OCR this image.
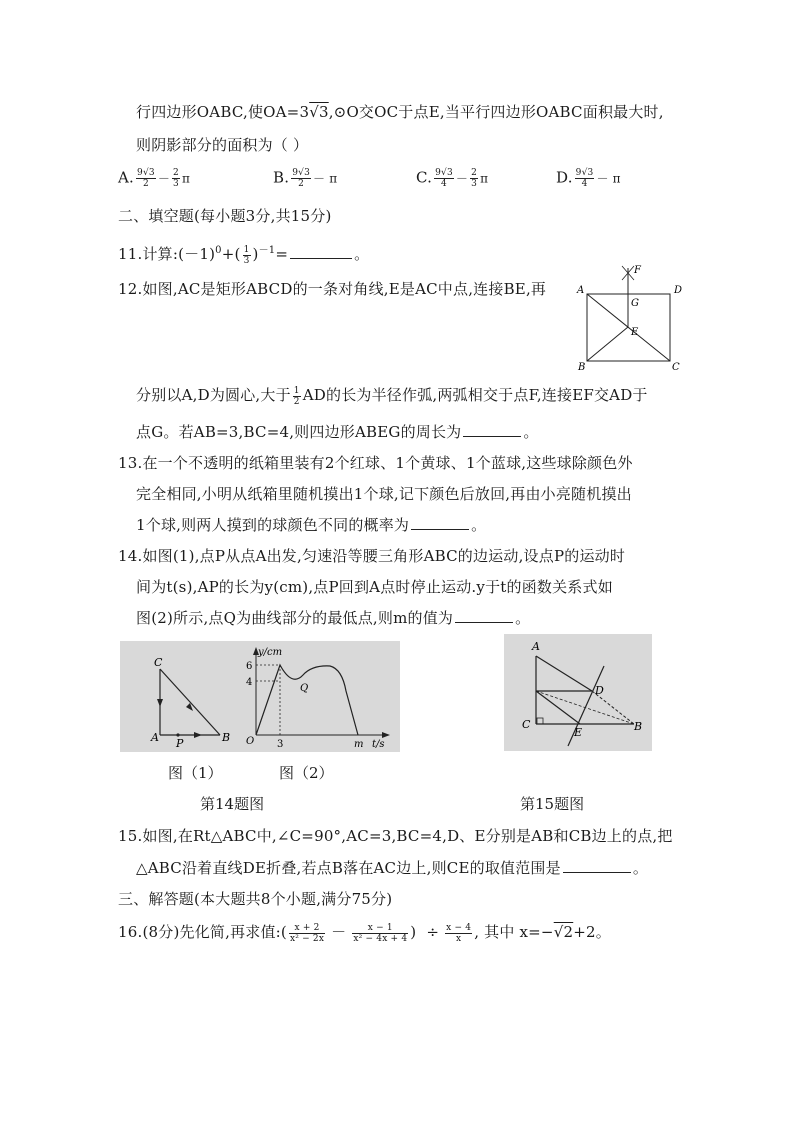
行四边形OABC,使OA=3√3,⊙O交OC于点E,当平行四边形OABC面积最大时,
则阴影部分的面积为（ ）
A. $\frac{9√3}{2} - \frac{2}{3}$ π	B. $\frac{9√3}{2} - \pi$	C. $\frac{9√3}{4} - \frac{2}{3}$ π	D. $\frac{9√3}{4} - \pi$
二、填空题(每小题3分,共15分)
11.计算$:(-1)^0+( \frac{1}{3} )^{-1}=$	。
12.如图,AC是矩形ABCD的一条对角线,E是AC中点,连接BE,再	A	D
B	C
E
F
G
分别以A,D为圆心,大于 $\frac{1}{2}$ AD的长为半径作弧,两弧相交于点F,连接EF交AD于
点G。若AB=3,BC=4,则四边形ABEG的周长为	。
13.在一个不透明的纸箱里装有2个红球、1个黄球、1个蓝球,这些球除颜色外
完全相同,小明从纸箱里随机摸出1个球,记下颜色后放回,再由小亮随机摸出
1个球,则两人摸到的球颜色不同的概率为	。
14.如图(1),点P从点A出发,匀速沿等腰三角形ABC的边运动,设点P的运动时
间为t(s),AP的长为y(cm),点P回到A点时停止运动.y于t的函数关系式如
图(2)所示,点Q为曲线部分的最低点,则m的值为	。
C
A P	B
y/cm
6
4
O 3	m t/s
Q
A
C
D
E	B
图（1）	图（2）
第14题图	第15题图
15.如图,在Rt△ABC中,∠C=90°,AC=3,BC=4,D、E分别是AB和CB边上的点,把
△ABC沿着直线DE折叠,若点B落在AC边上,则CE的取值范围是	。
三、解答题(本大题共8个小题,满分75分)
16.(8分)先化简,再求值:( $\frac{x + 2}{\text{x² − 2x}} - \frac{x - 1}{\text{x² − 4x + 4}}$ ) ÷ $\frac{x - 4}{x}$ , 其中 x=−√2+2。
